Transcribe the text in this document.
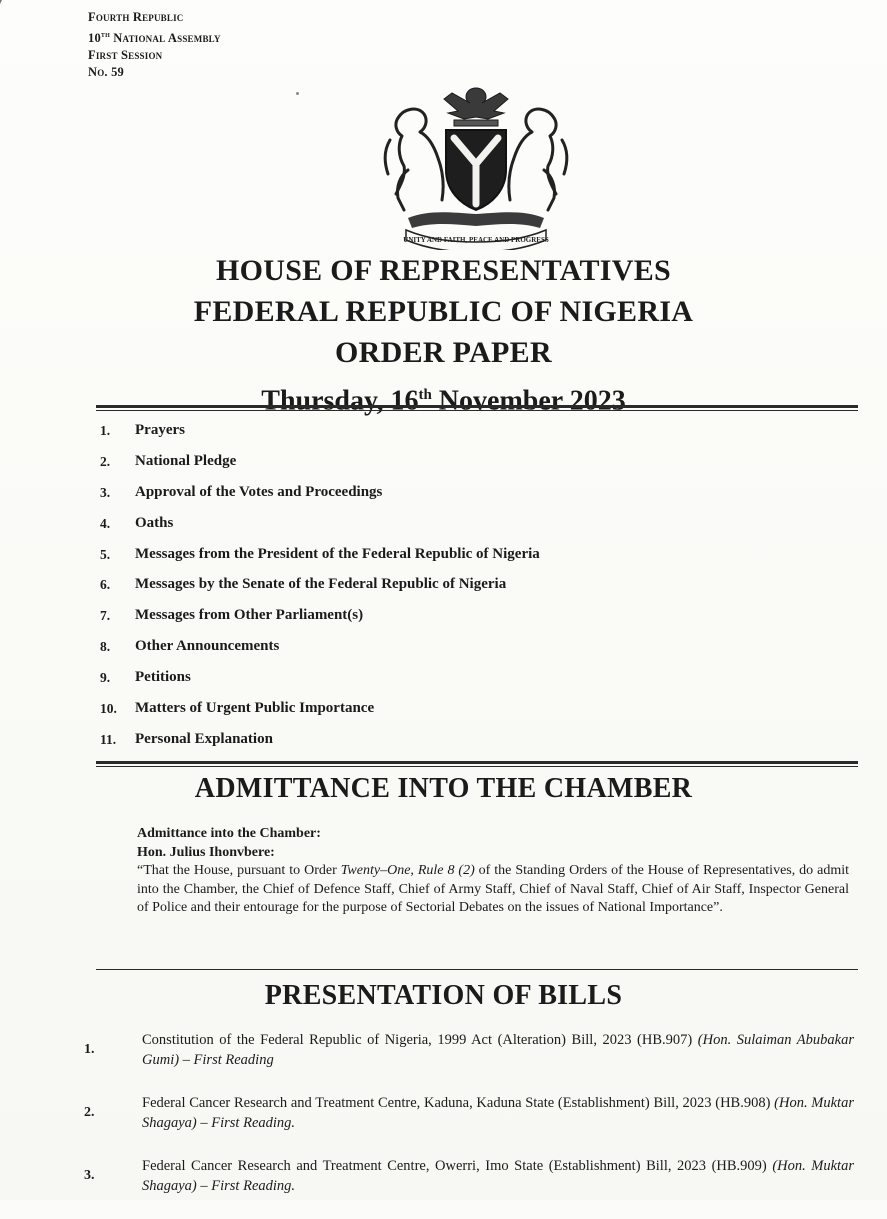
Fourth Republic
10th National Assembly
First Session
No. 59
UNITY AND FAITH, PEACE AND PROGRESS
HOUSE OF REPRESENTATIVES
FEDERAL REPUBLIC OF NIGERIA
ORDER PAPER
Thursday, 16th November 2023
1.	Prayers
2.	National Pledge
3.	Approval of the Votes and Proceedings
4.	Oaths
5.	Messages from the President of the Federal Republic of Nigeria
6.	Messages by the Senate of the Federal Republic of Nigeria
7.	Messages from Other Parliament(s)
8.	Other Announcements
9.	Petitions
10.	Matters of Urgent Public Importance
11.	Personal Explanation
ADMITTANCE INTO THE CHAMBER
Admittance into the Chamber:
Hon. Julius Ihonvbere:
“That the House, pursuant to Order Twenty–One, Rule 8 (2) of the Standing Orders of the House of Representatives, do admit into the Chamber, the Chief of Defence Staff, Chief of Army Staff, Chief of Naval Staff, Chief of Air Staff, Inspector General of Police and their entourage for the purpose of Sectorial Debates on the issues of National Importance”.
PRESENTATION OF BILLS
1.
Constitution of the Federal Republic of Nigeria, 1999 Act (Alteration) Bill, 2023 (HB.907) (Hon. Sulaiman Abubakar Gumi) – First Reading
2.
Federal Cancer Research and Treatment Centre, Kaduna, Kaduna State (Establishment) Bill, 2023 (HB.908) (Hon. Muktar Shagaya) – First Reading.
3.
Federal Cancer Research and Treatment Centre, Owerri, Imo State (Establishment) Bill, 2023 (HB.909) (Hon. Muktar Shagaya) – First Reading.
